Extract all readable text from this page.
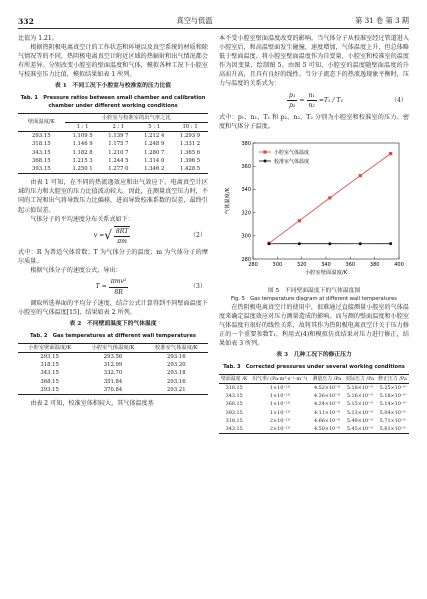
332	真空与低温	第 31 卷 第 3 期

比值为 1.21。

根据热阴极电离真空计的工作状态和环境以及真空系统的材质和除气情况等的不同，热阴极电离真空计附近区域的热辐射和出气情况都会有所差异。分别改变小腔室的壁面温度和气体，模拟各种工况下小腔室与校准室压力比值，模拟结果如表 1 所列。

表 1　不同工况下小腔室与校准室的压力比值
Tab. 1　Pressure ratios between small chamber and calibration chamber under different working conditions
壁面温度/K	小腔室与校准室的出气率之比			
	1 : 1	2 : 1	5 : 1	10 : 1
293.15	1.109 5	1.139 7	1.212 4	1.293 9
318.15	1.146 9	1.175 7	1.248 9	1.331 2
343.15	1.182 8	1.210 7	1.280 7	1.365 6
368.15	1.215 3	1.244 5	1.314 0	1.396 5
393.15	1.250 1	1.277 0	1.346 2	1.428 5

由表 1 可知，在不同的热流逸效应和出气效应下，电离真空计区域的压力和大腔室的压力比值波动较大。因此，在测量真空压力时，不同的工况和出气将导致压力比偏移，进而导致校准系数的误差，最终引起示值误差。

气体分子的平均速度分布关系式如下：

v = √ $\frac{8RT}{\pi m}$	（2）

式中：R 为普适气体常数；T 为气体分子的温度；m 为气体分子的摩尔质量。

根据气体分子的速度公式，导出：

$T = \frac{\text{πmv²}}{8R}$	（3）

调取所选界面的平均分子速度，结合公式计算得到不同壁面温度下小腔室的气体温度[15]，结果如表 2 所列。

表 2　不同壁面温度下的气体温度
Tab. 2　Gas temperatures at different wall temperatures
小腔室壁面温度/K	小腔室气体温度/K	校准室气体温度/K
293.15	293.56	293.16
318.15	312.99	293.20
343.15	332.70	293.18
368.15	351.84	293.16
393.15	370.84	293.21

由表 2 可知，校准室体积较大，其气体温度基

本不受小腔室壁面温度改变的影响。当气体分子从校准室经过管道进入小腔室后，和高温壁面发生碰撞，速度增加，气体温度上升，但总体略低于壁面温度。将小腔室壁面温度作为自变量，小腔室和校准室的温度作为因变量，绘制图 5。由图 5 可知，小腔室的温度随壁面温度的升高而升高，且具有良好的线性。当分子流态下的热流逸现象平衡时，压力与温度的关系式为：

$\frac{\text{p₁}}{\text{p₂}} = \frac{\text{n₁}}{\text{n₂}} = T_1 / T_2$	（4）

式中：p₁、n₁、T₁ 和 p₂、n₂、T₂ 分别为小腔室和校准室的压力、密度和气体分子温度。

280	300	320	340	360	380	400
280
300
320
340
360
380
小腔室壁面温度/K
气体温度/K
小腔室气体温度
校准室气体温度
图 5　不同壁面温度下的气体温度图
Fig. 5　Gas temperature diagram at different wall temperatures

在热阴极电离真空计的使用中，很难通过直接测量小腔室的气体温度来确定温度效应对压力测量造成的影响。而与测的壁面温度和小腔室气体温度有很好的线性关系，故将其作为热阴极电离真空计关于压力修正的一个重要参数T₁。利用式(4)和模拟仿真结果对压力进行修正，结果如表 3 所列。

表 3　几种工况下的修正压力
Tab. 3　Corrected pressures under several working conditions
壁面温度 /K	出气率/ (Pa·m³·s⁻¹·m⁻²)	测量压力 /Pa	实际压力 /Pa	修正压力 /Pa
318.15	1×10⁻¹⁰	4.52×10⁻⁹	5.18×10⁻⁹	5.25×10⁻⁹
343.15	1×10⁻¹⁰	4.36×10⁻⁹	5.16×10⁻⁹	5.18×10⁻⁹
368.15	1×10⁻¹⁰	4.24×10⁻⁹	5.15×10⁻⁹	5.14×10⁻⁹
393.15	1×10⁻¹⁰	4.11×10⁻⁹	5.13×10⁻⁹	5.04×10⁻⁹
318.15	2×10⁻¹⁰	4.66×10⁻⁹	5.49×10⁻⁹	5.71×10⁻⁹
343.15	2×10⁻¹⁰	4.50×10⁻⁹	5.45×10⁻⁹	5.61×10⁻⁹
